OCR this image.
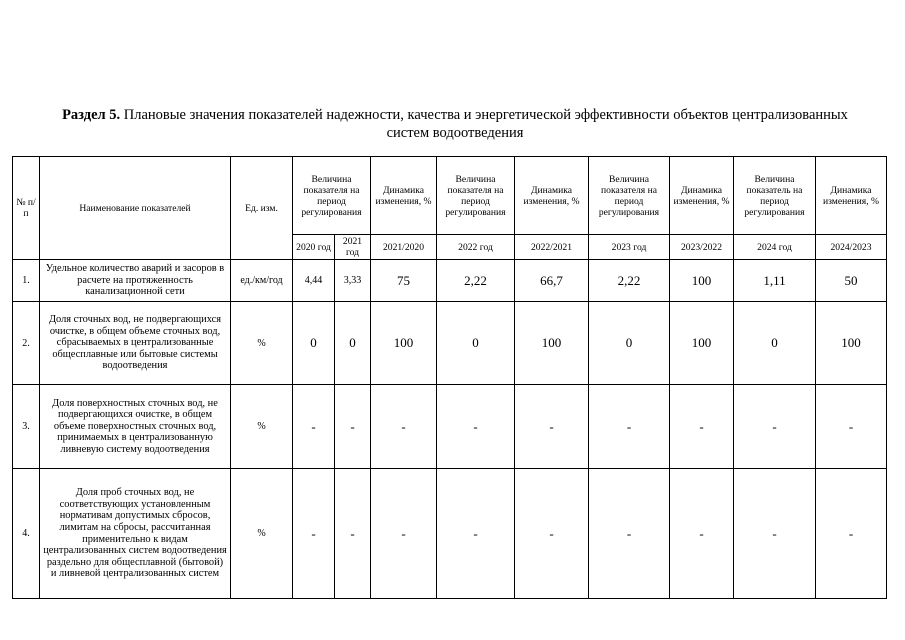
Раздел 5. Плановые значения показателей надежности, качества и энергетической эффективности объектов централизованных систем водоотведения
№ п/п	Наименование показателей	Ед. изм.	Величина показателя на период регулирования		Динамика изменения, %	Величина показателя на период регулирования	Динамика изменения, %	Величина показателя на период регулирования	Динамика изменения, %	Величина показатель на период регулирования	Динамика изменения, %
			2020 год	2021 год	2021/2020	2022 год	2022/2021	2023 год	2023/2022	2024 год	2024/2023
1.	Удельное количество аварий и засоров в расчете на протяженность канализационной сети	ед./км/год	4,44	3,33	75	2,22	66,7	2,22	100	1,11	50
2.	Доля сточных вод, не подвергающихся очистке, в общем объеме сточных вод, сбрасываемых в централизованные общесплавные или бытовые системы водоотведения	%	0	0	100	0	100	0	100	0	100
3.	Доля поверхностных сточных вод, не подвергающихся очистке, в общем объеме поверхностных сточных вод, принимаемых в централизованную ливневую систему водоотведения	%	-	-	-	-	-	-	-	-	-
4.	Доля проб сточных вод, не соответствующих установленным нормативам допустимых сбросов, лимитам на сбросы, рассчитанная применительно к видам централизованных систем водоотведения раздельно для общесплавной (бытовой) и ливневой централизованных систем	%	-	-	-	-	-	-	-	-	-
